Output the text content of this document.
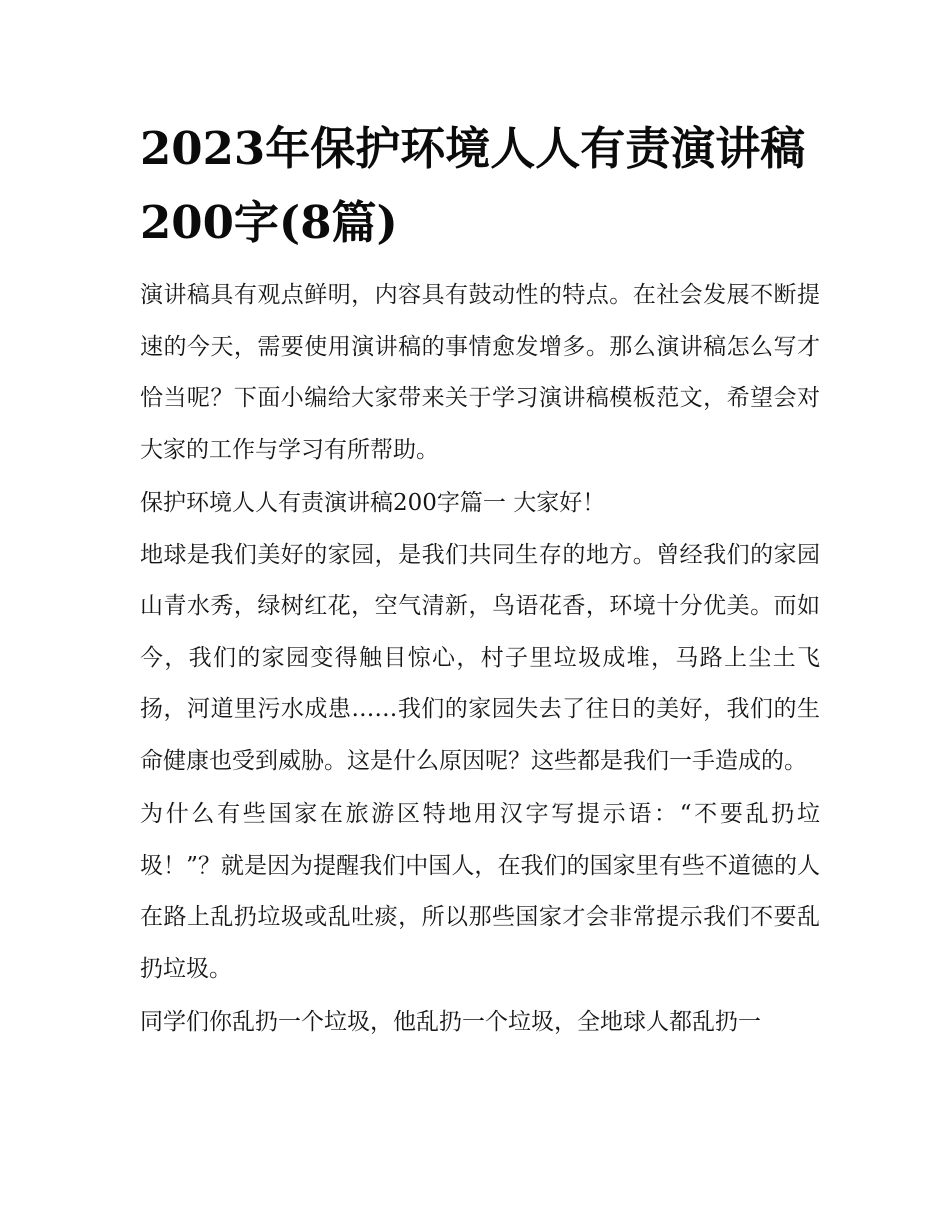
2023年保护环境人人有责演讲稿200字(8篇)

演讲稿具有观点鲜明，内容具有鼓动性的特点。在社会发展不断提速的今天，需要使用演讲稿的事情愈发增多。那么演讲稿怎么写才恰当呢？下面小编给大家带来关于学习演讲稿模板范文，希望会对大家的工作与学习有所帮助。

保护环境人人有责演讲稿200字篇一 大家好！

地球是我们美好的家园，是我们共同生存的地方。曾经我们的家园山青水秀，绿树红花，空气清新，鸟语花香，环境十分优美。而如今，我们的家园变得触目惊心，村子里垃圾成堆，马路上尘土飞扬，河道里污水成患……我们的家园失去了往日的美好，我们的生命健康也受到威胁。这是什么原因呢？这些都是我们一手造成的。

为什么有些国家在旅游区特地用汉字写提示语：“不要乱扔垃圾！”？就是因为提醒我们中国人，在我们的国家里有些不道德的人在路上乱扔垃圾或乱吐痰，所以那些国家才会非常提示我们不要乱扔垃圾。

同学们你乱扔一个垃圾，他乱扔一个垃圾，全地球人都乱扔一
